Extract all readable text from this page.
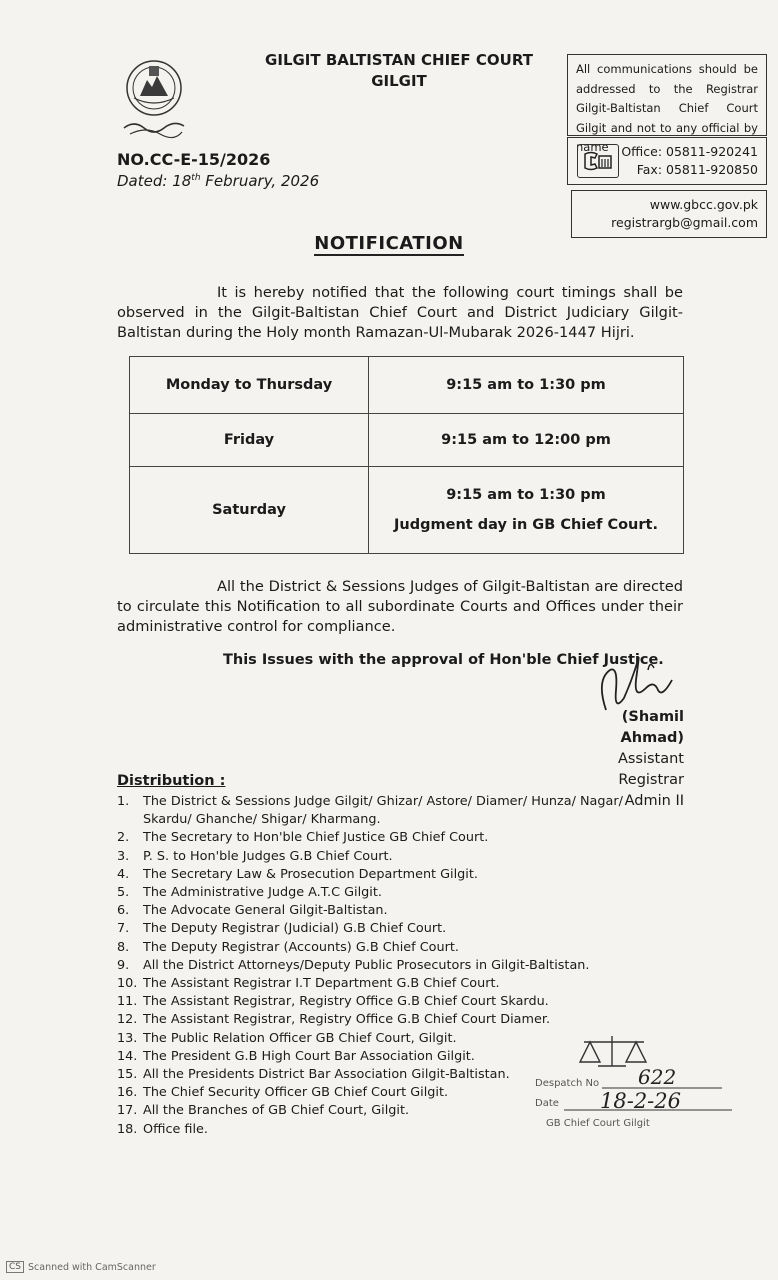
GILGIT BALTISTAN CHIEF COURT
GILGIT
NO.CC-E-15/2026
Dated: 18th February, 2026
All communications should be addressed to the Registrar Gilgit-Baltistan Chief Court Gilgit and not to any official by name	Office: 05811-920241
Fax: 05811-920850
www.gbcc.gov.pk
registrargb@gmail.com
NOTIFICATION
It is hereby notified that the following court timings shall be observed in the Gilgit-Baltistan Chief Court and District Judiciary Gilgit-Baltistan during the Holy month Ramazan-Ul-Mubarak 2026-1447 Hijri.
Monday to Thursday	9:15 am to 1:30 pm
Friday	9:15 am to 12:00 pm
Saturday	9:15 am to 1:30 pm
Judgment day in GB Chief Court.
All the District & Sessions Judges of Gilgit-Baltistan are directed to circulate this Notification to all subordinate Courts and Offices under their administrative control for compliance.
This Issues with the approval of Hon'ble Chief Justice.
(Shamil Ahmad)
Assistant Registrar
Admin II
Distribution :
1.	The District & Sessions Judge Gilgit/ Ghizar/ Astore/ Diamer/ Hunza/ Nagar/ Skardu/ Ghanche/ Shigar/ Kharmang.
2.	The Secretary to Hon'ble Chief Justice GB Chief Court.
3.	P. S. to Hon'ble Judges G.B Chief Court.
4.	The Secretary Law & Prosecution Department Gilgit.
5.	The Administrative Judge A.T.C Gilgit.
6.	The Advocate General Gilgit-Baltistan.
7.	The Deputy Registrar (Judicial) G.B Chief Court.
8.	The Deputy Registrar (Accounts) G.B Chief Court.
9.	All the District Attorneys/Deputy Public Prosecutors in Gilgit-Baltistan.
10. The Assistant Registrar I.T Department G.B Chief Court.
11. The Assistant Registrar, Registry Office G.B Chief Court Skardu.
12. The Assistant Registrar, Registry Office G.B Chief Court Diamer.
13. The Public Relation Officer GB Chief Court, Gilgit.
14. The President G.B High Court Bar Association Gilgit.
15. All the Presidents District Bar Association Gilgit-Baltistan.
16. The Chief Security Officer GB Chief Court Gilgit.
17. All the Branches of GB Chief Court, Gilgit.
18. Office file.
Despatch No 622
Date 18-2-26
GB Chief Court Gilgit
CS Scanned with CamScanner
